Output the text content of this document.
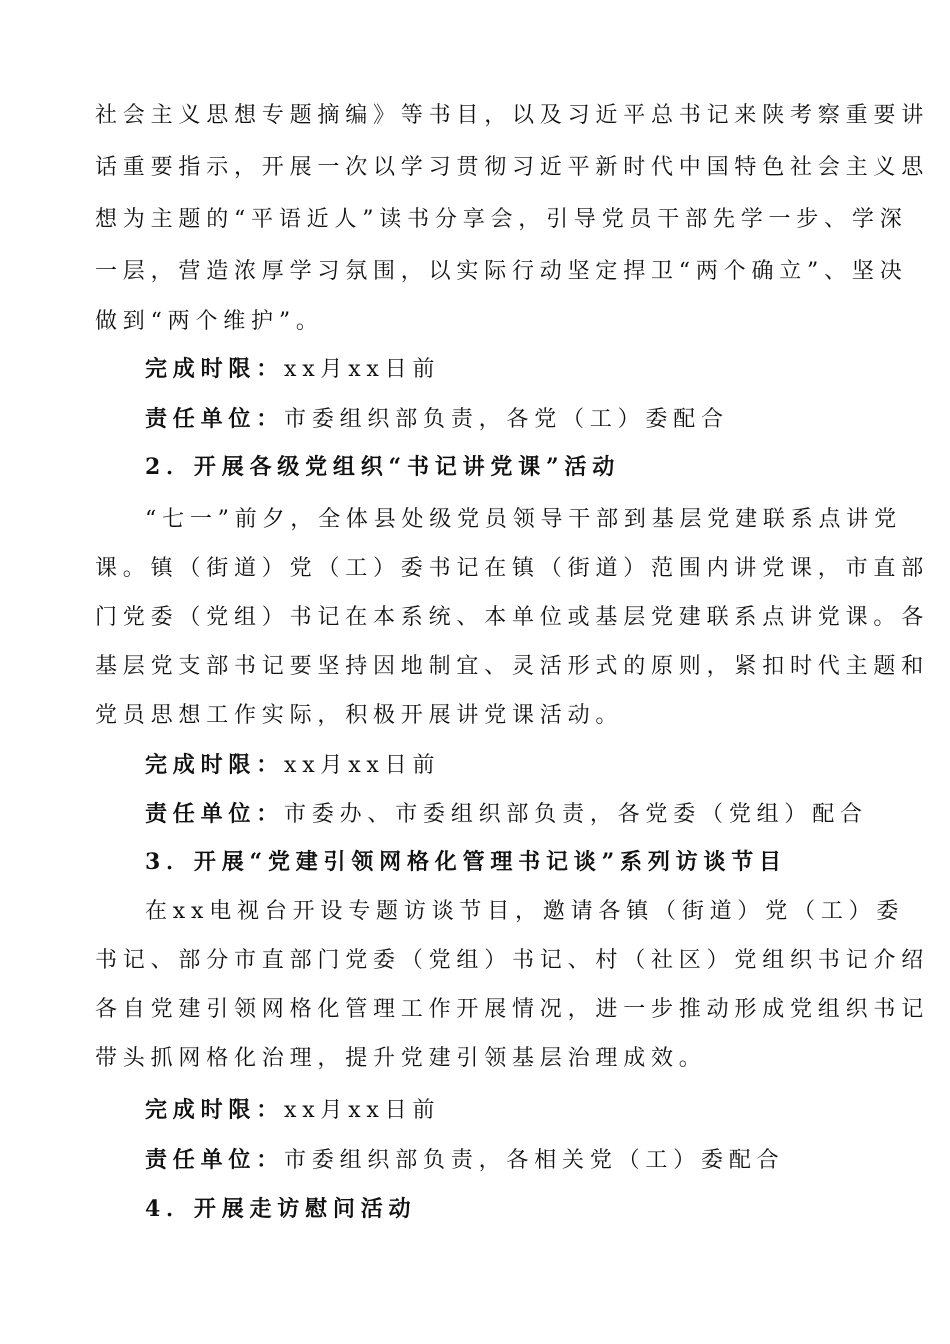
社会主义思想专题摘编》等书目，以及习近平总书记来陕考察重要讲
话重要指示，开展一次以学习贯彻习近平新时代中国特色社会主义思
想为主题的“平语近人”读书分享会，引导党员干部先学一步、学深
一层，营造浓厚学习氛围，以实际行动坚定捍卫“两个确立”、坚决
做到“两个维护”。
完成时限：xx月xx日前
责任单位：市委组织部负责，各党（工）委配合
2．开展各级党组织“书记讲党课”活动
“七一”前夕，全体县处级党员领导干部到基层党建联系点讲党
课。镇（街道）党（工）委书记在镇（街道）范围内讲党课，市直部
门党委（党组）书记在本系统、本单位或基层党建联系点讲党课。各
基层党支部书记要坚持因地制宜、灵活形式的原则，紧扣时代主题和
党员思想工作实际，积极开展讲党课活动。
完成时限：xx月xx日前
责任单位：市委办、市委组织部负责，各党委（党组）配合
3．开展“党建引领网格化管理书记谈”系列访谈节目
在xx电视台开设专题访谈节目，邀请各镇（街道）党（工）委
书记、部分市直部门党委（党组）书记、村（社区）党组织书记介绍
各自党建引领网格化管理工作开展情况，进一步推动形成党组织书记
带头抓网格化治理，提升党建引领基层治理成效。
完成时限：xx月xx日前
责任单位：市委组织部负责，各相关党（工）委配合
4．开展走访慰问活动
